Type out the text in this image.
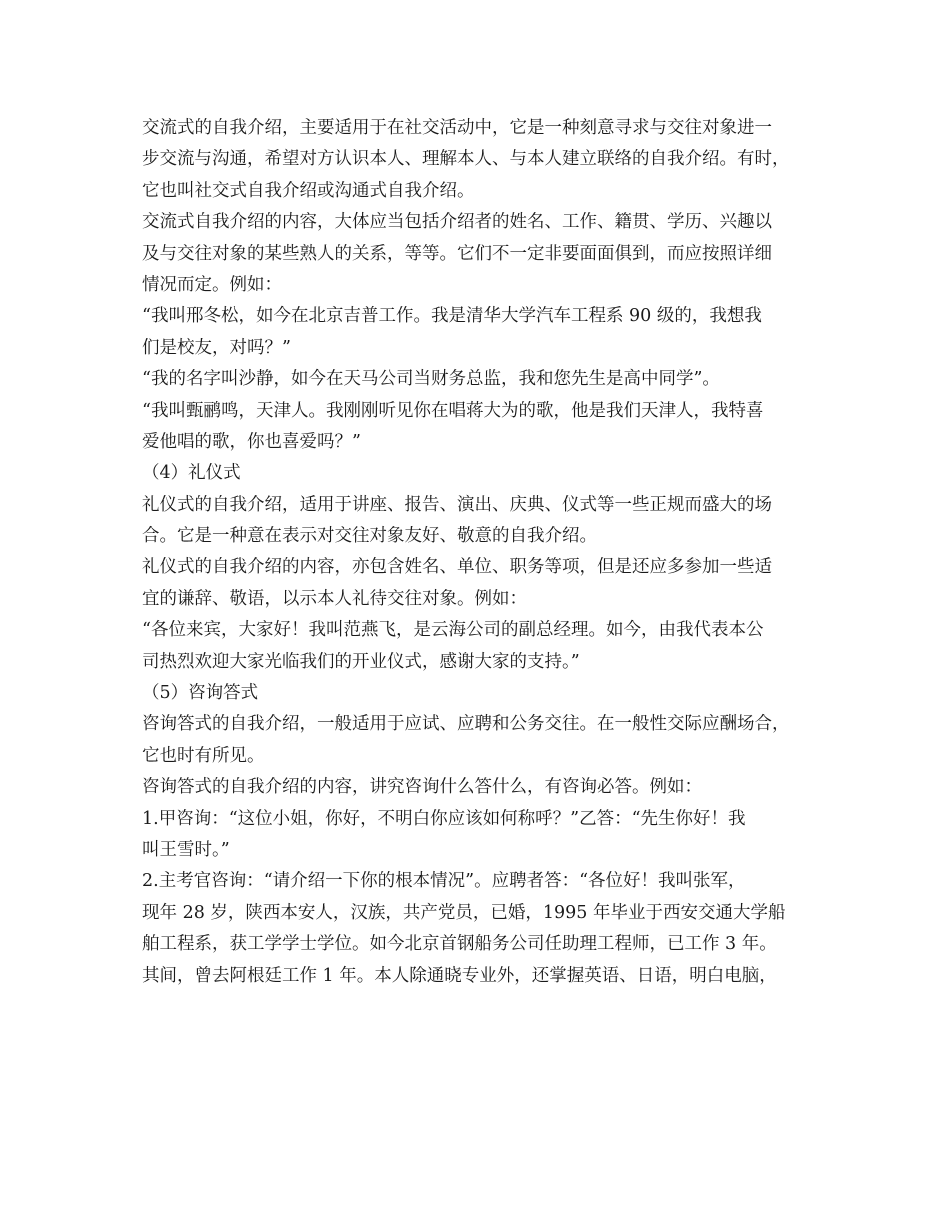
交流式的自我介绍，主要适用于在社交活动中，它是一种刻意寻求与交往对象进一
步交流与沟通，希望对方认识本人、理解本人、与本人建立联络的自我介绍。有时，
它也叫社交式自我介绍或沟通式自我介绍。
交流式自我介绍的内容，大体应当包括介绍者的姓名、工作、籍贯、学历、兴趣以
及与交往对象的某些熟人的关系，等等。它们不一定非要面面俱到，而应按照详细
情况而定。例如：
“我叫邢冬松，如今在北京吉普工作。我是清华大学汽车工程系 90 级的，我想我
们是校友，对吗？”
“我的名字叫沙静，如今在天马公司当财务总监，我和您先生是高中同学”。
“我叫甄鹂鸣，天津人。我刚刚听见你在唱蒋大为的歌，他是我们天津人，我特喜
爱他唱的歌，你也喜爱吗？”
（4）礼仪式
礼仪式的自我介绍，适用于讲座、报告、演出、庆典、仪式等一些正规而盛大的场
合。它是一种意在表示对交往对象友好、敬意的自我介绍。
礼仪式的自我介绍的内容，亦包含姓名、单位、职务等项，但是还应多参加一些适
宜的谦辞、敬语，以示本人礼待交往对象。例如：
“各位来宾，大家好！我叫范燕飞，是云海公司的副总经理。如今，由我代表本公
司热烈欢迎大家光临我们的开业仪式，感谢大家的支持。”
（5）咨询答式
咨询答式的自我介绍，一般适用于应试、应聘和公务交往。在一般性交际应酬场合，
它也时有所见。
咨询答式的自我介绍的内容，讲究咨询什么答什么，有咨询必答。例如：
1.甲咨询：“这位小姐，你好，不明白你应该如何称呼？”乙答：“先生你好！我
叫王雪时。”
2.主考官咨询：“请介绍一下你的根本情况”。应聘者答：“各位好！我叫张军，
现年 28 岁，陕西本安人，汉族，共产党员，已婚，1995 年毕业于西安交通大学船
舶工程系，获工学学士学位。如今北京首钢船务公司任助理工程师，已工作 3 年。
其间，曾去阿根廷工作 1 年。本人除通晓专业外，还掌握英语、日语，明白电脑，
